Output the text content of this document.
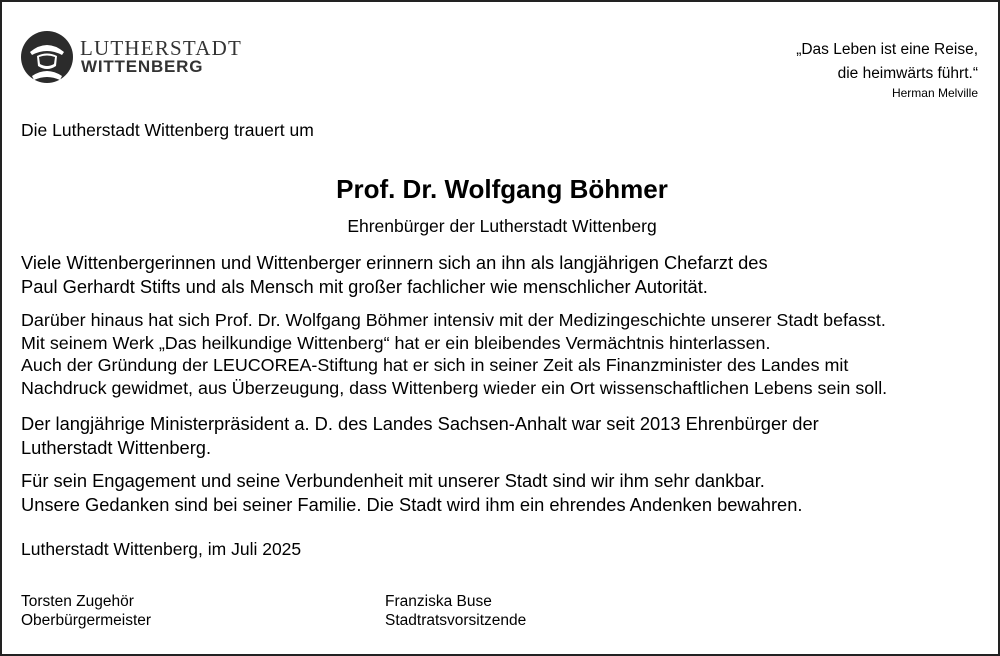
LUTHERSTADT
WITTENBERG
„Das Leben ist eine Reise,
die heimwärts führt.“
Herman Melville
Die Lutherstadt Wittenberg trauert um
Prof. Dr. Wolfgang Böhmer
Ehrenbürger der Lutherstadt Wittenberg
Viele Wittenbergerinnen und Wittenberger erinnern sich an ihn als langjährigen Chefarzt des
Paul Gerhardt Stifts und als Mensch mit großer fachlicher wie menschlicher Autorität.
Darüber hinaus hat sich Prof. Dr. Wolfgang Böhmer intensiv mit der Medizingeschichte unserer Stadt befasst.
Mit seinem Werk „Das heilkundige Wittenberg“ hat er ein bleibendes Vermächtnis hinterlassen.
Auch der Gründung der LEUCOREA-Stiftung hat er sich in seiner Zeit als Finanzminister des Landes mit
Nachdruck gewidmet, aus Überzeugung, dass Wittenberg wieder ein Ort wissenschaftlichen Lebens sein soll.
Der langjährige Ministerpräsident a. D. des Landes Sachsen-Anhalt war seit 2013 Ehrenbürger der
Lutherstadt Wittenberg.
Für sein Engagement und seine Verbundenheit mit unserer Stadt sind wir ihm sehr dankbar.
Unsere Gedanken sind bei seiner Familie. Die Stadt wird ihm ein ehrendes Andenken bewahren.
Lutherstadt Wittenberg, im Juli 2025
Torsten Zugehör
Oberbürgermeister
Franziska Buse
Stadtratsvorsitzende
